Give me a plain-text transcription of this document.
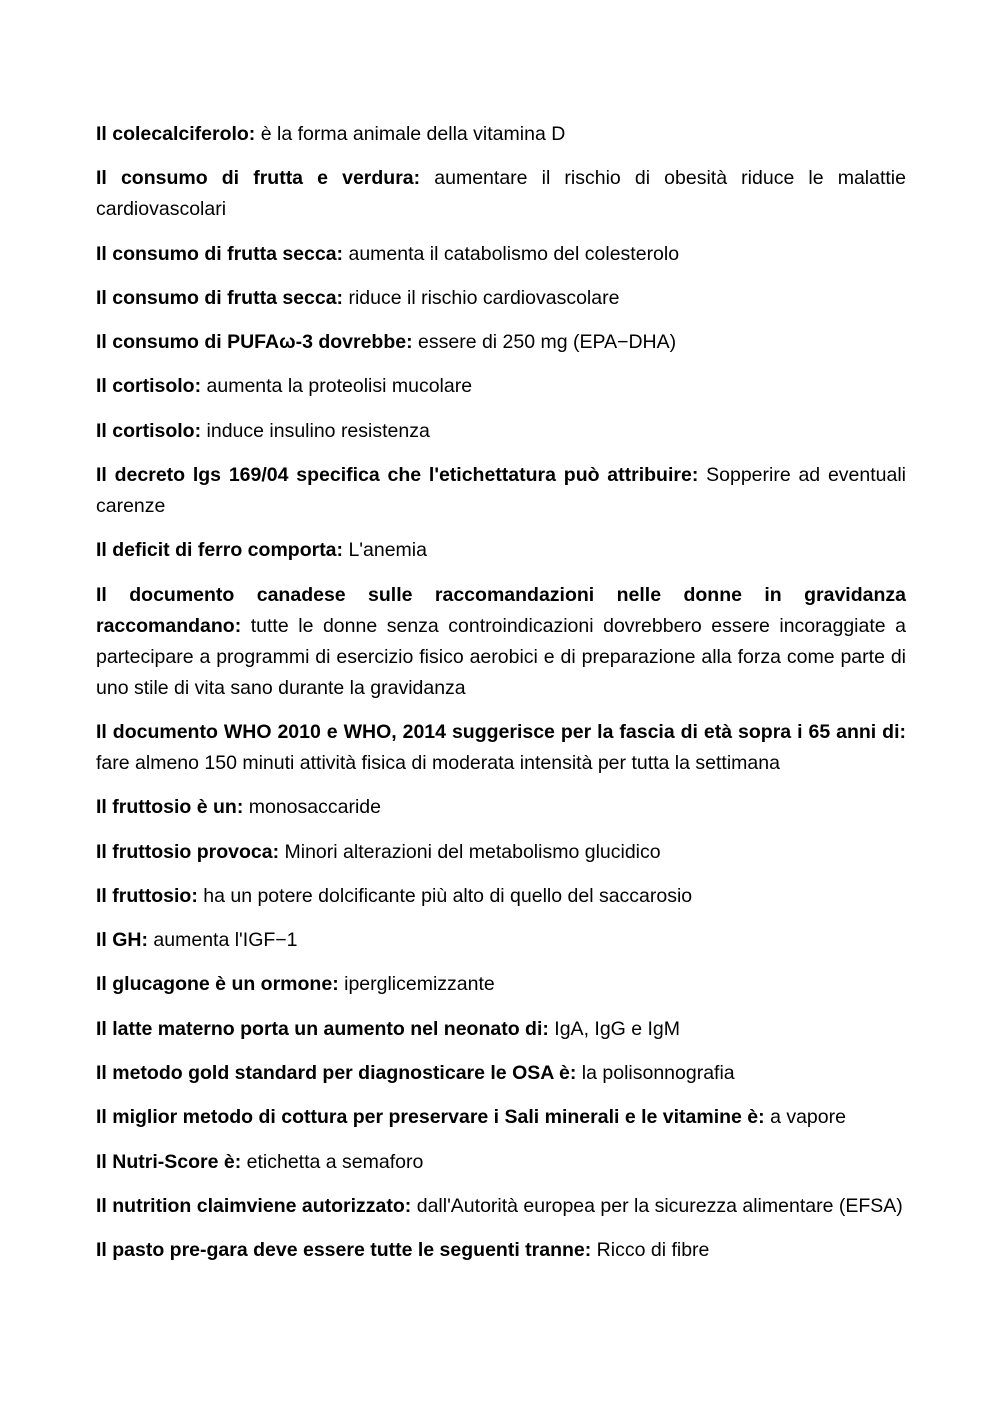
Il colecalciferolo: è la forma animale della vitamina D

Il consumo di frutta e verdura: aumentare il rischio di obesità riduce le malattie cardiovascolari

Il consumo di frutta secca: aumenta il catabolismo del colesterolo

Il consumo di frutta secca: riduce il rischio cardiovascolare

Il consumo di PUFAω-3 dovrebbe: essere di 250 mg (EPA−DHA)

Il cortisolo: aumenta la proteolisi mucolare

Il cortisolo: induce insulino resistenza

Il decreto lgs 169/04 specifica che l'etichettatura può attribuire: Sopperire ad eventuali carenze

Il deficit di ferro comporta: L'anemia

Il documento canadese sulle raccomandazioni nelle donne in gravidanza raccomandano: tutte le donne senza controindicazioni dovrebbero essere incoraggiate a partecipare a programmi di esercizio fisico aerobici e di preparazione alla forza come parte di uno stile di vita sano durante la gravidanza

Il documento WHO 2010 e WHO, 2014 suggerisce per la fascia di età sopra i 65 anni di: fare almeno 150 minuti attività fisica di moderata intensità per tutta la settimana

Il fruttosio è un: monosaccaride

Il fruttosio provoca: Minori alterazioni del metabolismo glucidico

Il fruttosio: ha un potere dolcificante più alto di quello del saccarosio

Il GH: aumenta l'IGF−1

Il glucagone è un ormone: iperglicemizzante

Il latte materno porta un aumento nel neonato di: IgA, IgG e IgM

Il metodo gold standard per diagnosticare le OSA è: la polisonnografia

Il miglior metodo di cottura per preservare i Sali minerali e le vitamine è: a vapore

Il Nutri-Score è: etichetta a semaforo

Il nutrition claimviene autorizzato: dall'Autorità europea per la sicurezza alimentare (EFSA)

Il pasto pre-gara deve essere tutte le seguenti tranne: Ricco di fibre
